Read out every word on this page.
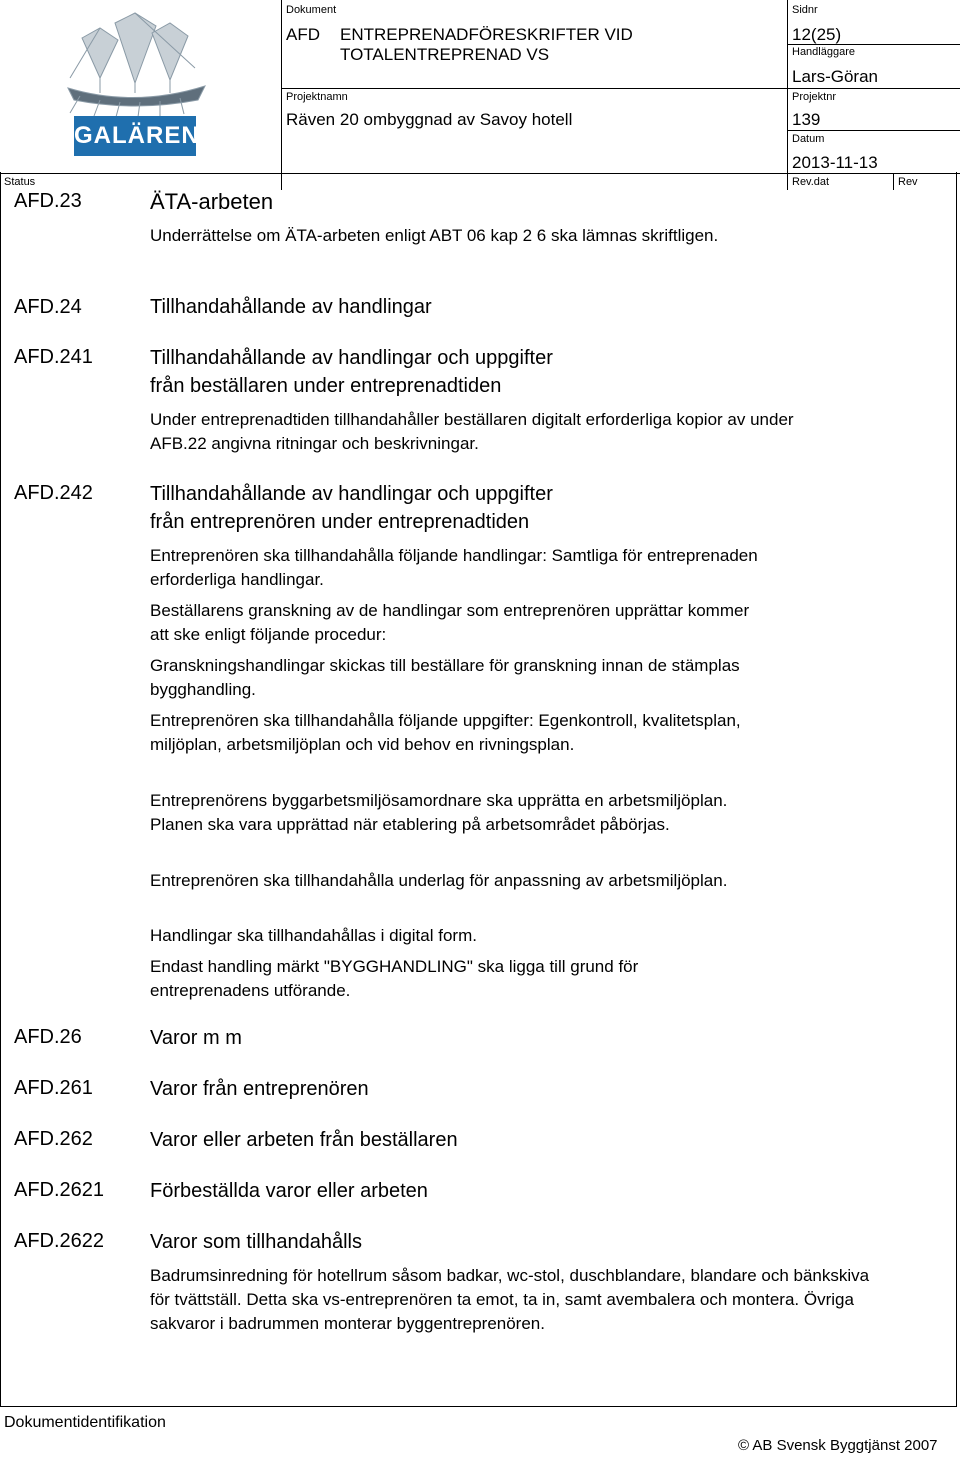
GALÄREN
Dokument
AFD ENTREPRENADFÖRESKRIFTER VID
TOTALENTREPRENAD VS
Sidnr
12(25)
Handläggare
Lars-Göran
Projektnamn
Räven 20 ombyggnad av Savoy hotell
Projektnr
139
Datum
2013-11-13
Status	Rev.dat	Rev
AFD.23	ÄTA-arbeten

Underrättelse om ÄTA-arbeten enligt ABT 06 kap 2 6 ska lämnas skriftligen.

AFD.24	Tillhandahållande av handlingar
AFD.241	Tillhandahållande av handlingar och uppgifter
från beställaren under entreprenadtiden

Under entreprenadtiden tillhandahåller beställaren digitalt erforderliga kopior av under AFB.22 angivna ritningar och beskrivningar.

AFD.242	Tillhandahållande av handlingar och uppgifter
från entreprenören under entreprenadtiden

Entreprenören ska tillhandahålla följande handlingar: Samtliga för entreprenaden erforderliga handlingar.

Beställarens granskning av de handlingar som entreprenören upprättar kommer att ske enligt följande procedur:

Granskningshandlingar skickas till beställare för granskning innan de stämplas bygghandling.

Entreprenören ska tillhandahålla följande uppgifter: Egenkontroll, kvalitetsplan, miljöplan, arbetsmiljöplan och vid behov en rivningsplan.

Entreprenörens byggarbetsmiljösamordnare ska upprätta en arbetsmiljöplan. Planen ska vara upprättad när etablering på arbetsområdet påbörjas.

Entreprenören ska tillhandahålla underlag för anpassning av arbetsmiljöplan.

Handlingar ska tillhandahållas i digital form.

Endast handling märkt "BYGGHANDLING" ska ligga till grund för entreprenadens utförande.

AFD.26	Varor m m
AFD.261	Varor från entreprenören
AFD.262	Varor eller arbeten från beställaren
AFD.2621 Förbeställda varor eller arbeten
AFD.2622 Varor som tillhandahålls

Badrumsinredning för hotellrum såsom badkar, wc-stol, duschblandare, blandare och bänkskiva för tvättställ. Detta ska vs-entreprenören ta emot, ta in, samt avembalera och montera. Övriga sakvaror i badrummen monterar byggentreprenören.

Dokumentidentifikation
© AB Svensk Byggtjänst 2007
